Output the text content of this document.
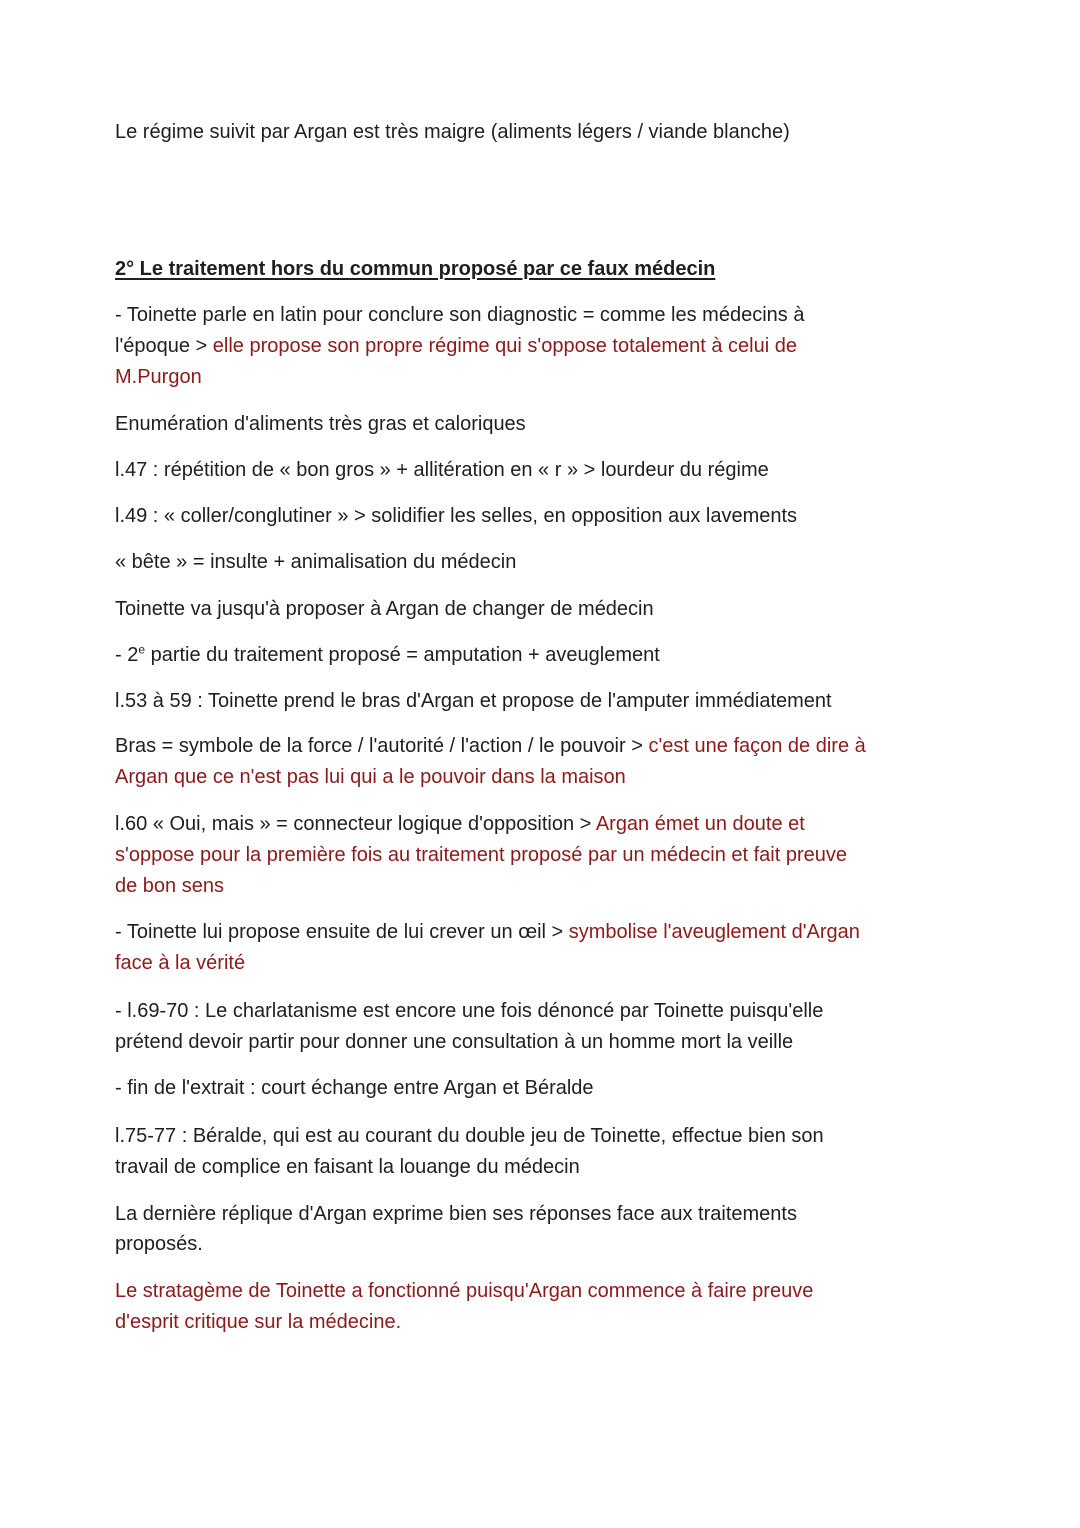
Le régime suivit par Argan est très maigre (aliments légers / viande blanche)

2° Le traitement hors du commun proposé par ce faux médecin

- Toinette parle en latin pour conclure son diagnostic = comme les médecins à

l'époque > elle propose son propre régime qui s'oppose totalement à celui de

M.Purgon

Enumération d'aliments très gras et caloriques

l.47 : répétition de « bon gros » + allitération en « r » > lourdeur du régime

l.49 : « coller/conglutiner » > solidifier les selles, en opposition aux lavements

« bête » = insulte + animalisation du médecin

Toinette va jusqu'à proposer à Argan de changer de médecin

- 2e partie du traitement proposé = amputation + aveuglement

l.53 à 59 : Toinette prend le bras d'Argan et propose de l'amputer immédiatement

Bras = symbole de la force / l'autorité / l'action / le pouvoir > c'est une façon de dire à

Argan que ce n'est pas lui qui a le pouvoir dans la maison

l.60 « Oui, mais » = connecteur logique d'opposition > Argan émet un doute et

s'oppose pour la première fois au traitement proposé par un médecin et fait preuve

de bon sens

- Toinette lui propose ensuite de lui crever un œil > symbolise l'aveuglement d'Argan

face à la vérité

- l.69-70 : Le charlatanisme est encore une fois dénoncé par Toinette puisqu'elle

prétend devoir partir pour donner une consultation à un homme mort la veille

- fin de l'extrait : court échange entre Argan et Béralde

l.75-77 : Béralde, qui est au courant du double jeu de Toinette, effectue bien son

travail de complice en faisant la louange du médecin

La dernière réplique d'Argan exprime bien ses réponses face aux traitements

proposés.

Le stratagème de Toinette a fonctionné puisqu'Argan commence à faire preuve

d'esprit critique sur la médecine.
